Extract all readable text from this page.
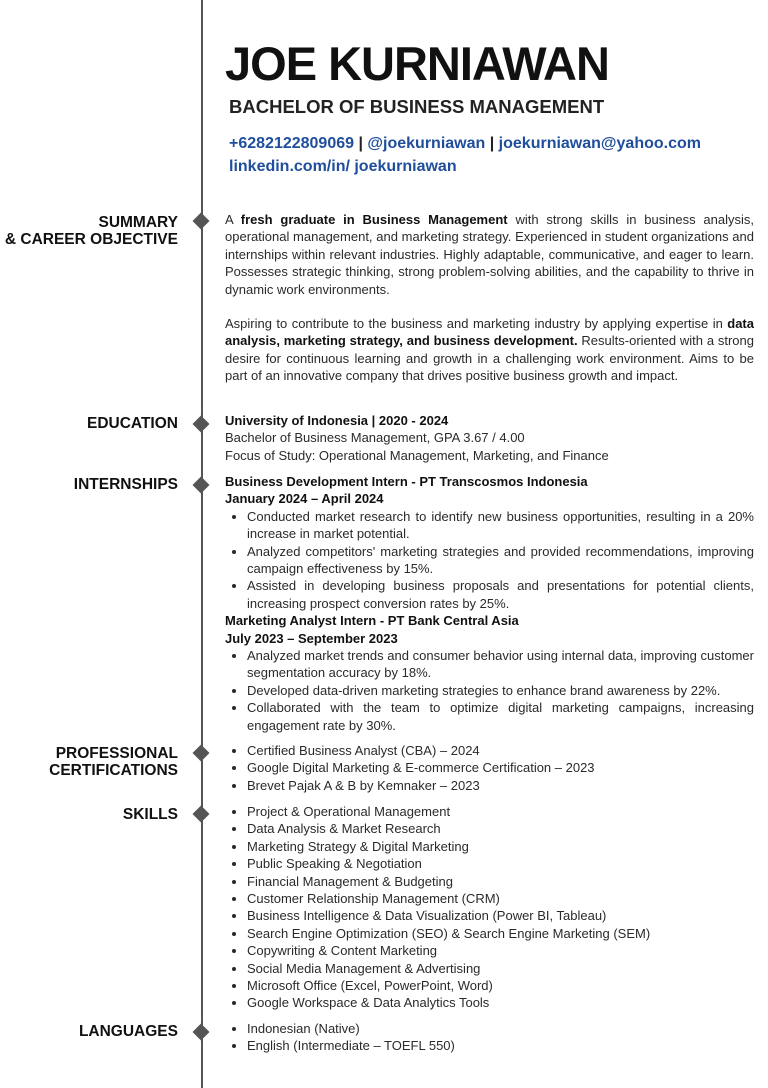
JOE KURNIAWAN
BACHELOR OF BUSINESS MANAGEMENT
+6282122809069 | @joekurniawan | joekurniawan@yahoo.com
linkedin.com/in/ joekurniawan
SUMMARY
& CAREER OBJECTIVE

A fresh graduate in Business Management with strong skills in business analysis, operational management, and marketing strategy. Experienced in student organizations and internships within relevant industries. Highly adaptable, communicative, and eager to learn. Possesses strategic thinking, strong problem-solving abilities, and the capability to thrive in dynamic work environments.

Aspiring to contribute to the business and marketing industry by applying expertise in data analysis, marketing strategy, and business development. Results-oriented with a strong desire for continuous learning and growth in a challenging work environment. Aims to be part of an innovative company that drives positive business growth and impact.

EDUCATION	University of Indonesia | 2020 - 2024
Bachelor of Business Management, GPA 3.67 / 4.00
Focus of Study: Operational Management, Marketing, and Finance
INTERNSHIPS	Business Development Intern - PT Transcosmos Indonesia
January 2024 – April 2024
• Conducted market research to identify new business opportunities, resulting in a 20% increase in market potential.
• Analyzed competitors' marketing strategies and provided recommendations, improving campaign effectiveness by 15%.
• Assisted in developing business proposals and presentations for potential clients, increasing prospect conversion rates by 25%.
Marketing Analyst Intern - PT Bank Central Asia
July 2023 – September 2023
• Analyzed market trends and consumer behavior using internal data, improving customer segmentation accuracy by 18%.
• Developed data-driven marketing strategies to enhance brand awareness by 22%.
• Collaborated with the team to optimize digital marketing campaigns, increasing engagement rate by 30%.
PROFESSIONAL
CERTIFICATIONS
• Certified Business Analyst (CBA) – 2024
• Google Digital Marketing & E-commerce Certification – 2023
• Brevet Pajak A & B by Kemnaker – 2023
SKILLS	• Project & Operational Management
• Data Analysis & Market Research
• Marketing Strategy & Digital Marketing
• Public Speaking & Negotiation
• Financial Management & Budgeting
• Customer Relationship Management (CRM)
• Business Intelligence & Data Visualization (Power BI, Tableau)
• Search Engine Optimization (SEO) & Search Engine Marketing (SEM)
• Copywriting & Content Marketing
• Social Media Management & Advertising
• Microsoft Office (Excel, PowerPoint, Word)
• Google Workspace & Data Analytics Tools
LANGUAGES	• Indonesian (Native)
• English (Intermediate – TOEFL 550)
